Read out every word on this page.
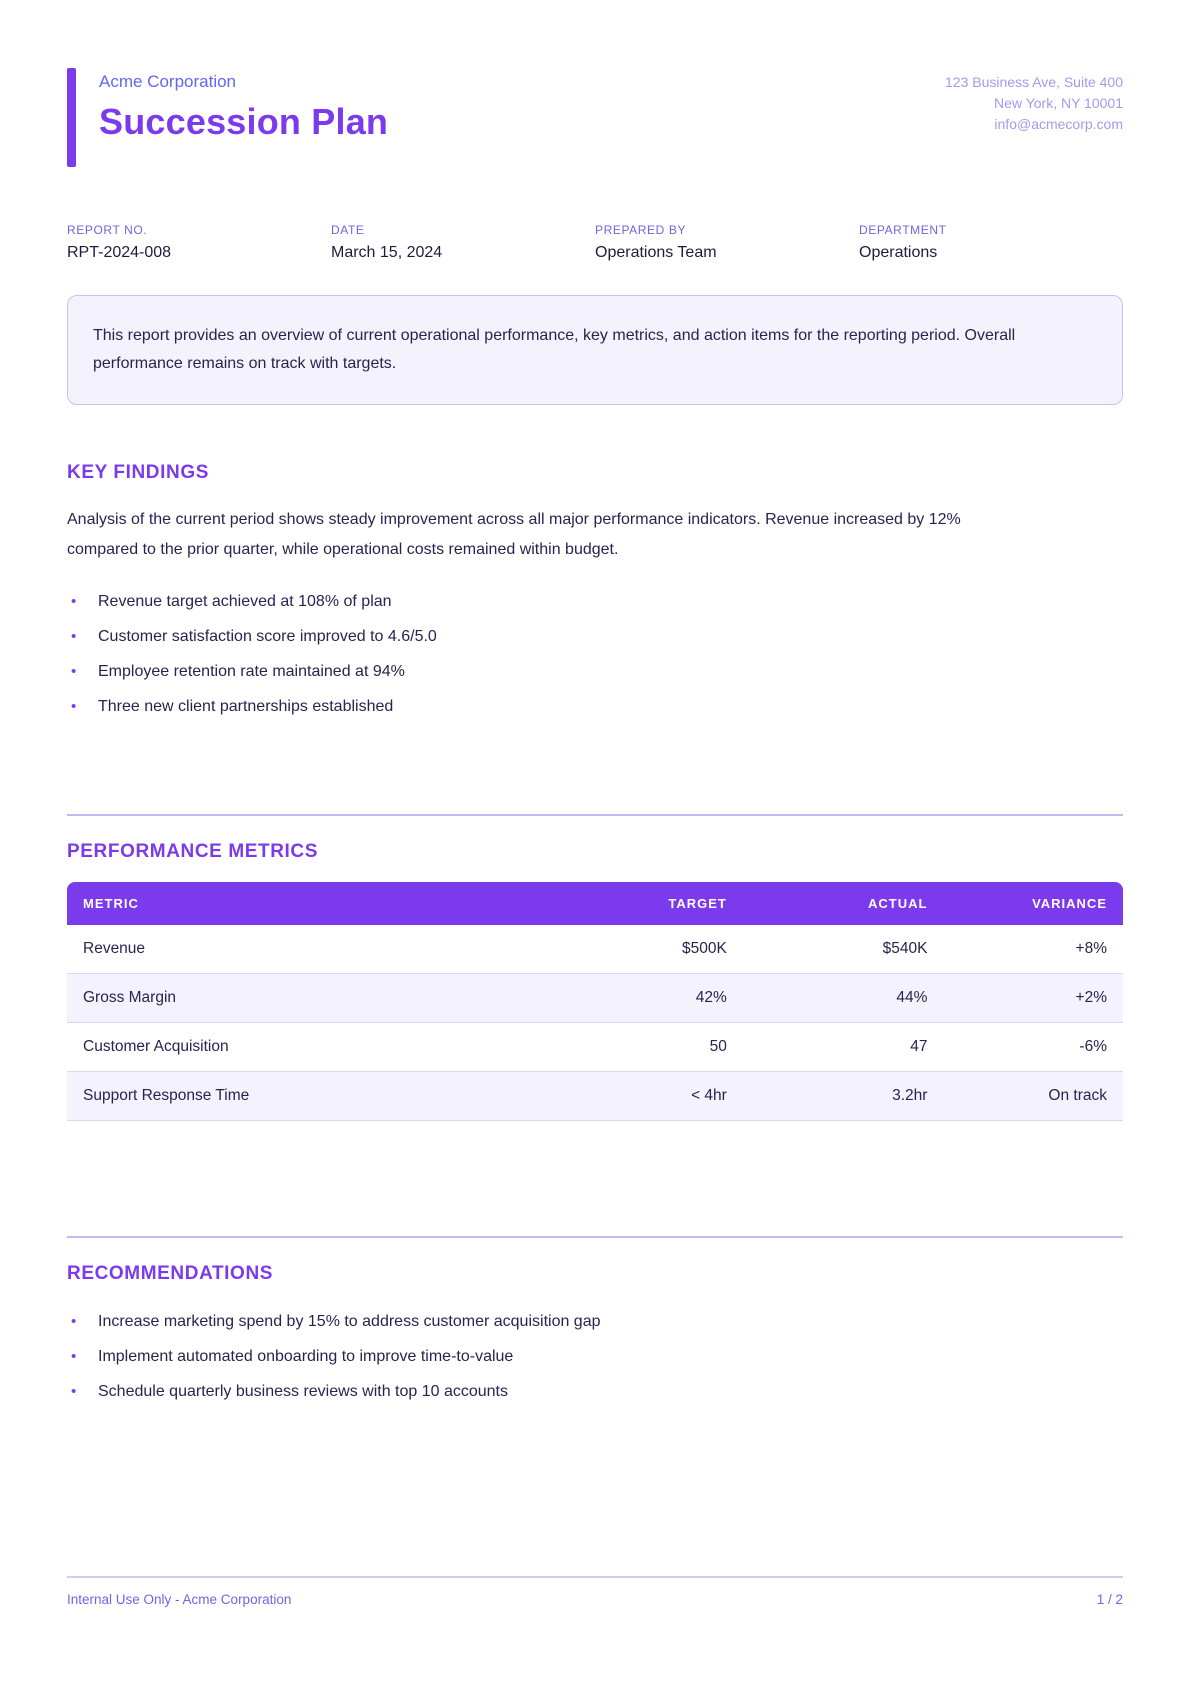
Acme Corporation
Succession Plan
123 Business Ave, Suite 400
New York, NY 10001
info@acmecorp.com
REPORT NO.
RPT-2024-008
DATE
March 15, 2024
PREPARED BY
Operations Team
DEPARTMENT
Operations
This report provides an overview of current operational performance, key metrics, and action items for the reporting period. Overall performance remains on track with targets.
KEY FINDINGS

Analysis of the current period shows steady improvement across all major performance indicators. Revenue increased by 12% compared to the prior quarter, while operational costs remained within budget.

•
Revenue target achieved at 108% of plan
•
Customer satisfaction score improved to 4.6/5.0
•
Employee retention rate maintained at 94%
•
Three new client partnerships established
PERFORMANCE METRICS
METRIC	TARGET	ACTUAL	VARIANCE
Revenue	$500K	$540K	+8%
Gross Margin	42%	44%	+2%
Customer Acquisition	50	47	-6%
Support Response Time	< 4hr	3.2hr	On track
RECOMMENDATIONS
•
Increase marketing spend by 15% to address customer acquisition gap
•
Implement automated onboarding to improve time-to-value
•
Schedule quarterly business reviews with top 10 accounts
Internal Use Only - Acme Corporation	1 / 2
